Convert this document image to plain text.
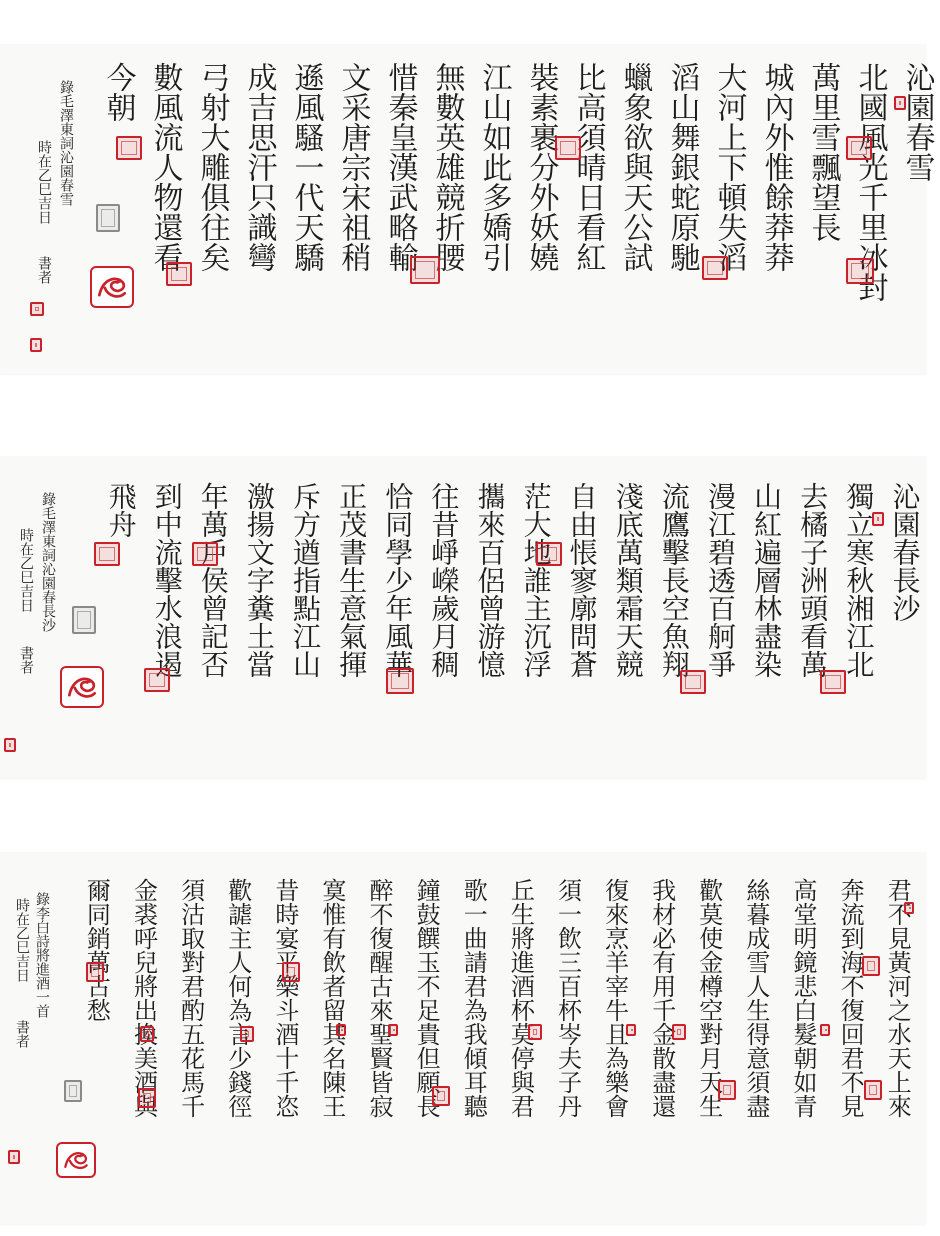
沁園春雪
北國風光千里冰封
萬里雪飄望長
城內外惟餘莽莽
大河上下頓失滔
滔山舞銀蛇原馳
蠟象欲與天公試
比高須晴日看紅
裝素裹分外妖嬈
江山如此多嬌引
無數英雄競折腰
惜秦皇漢武略輸
文采唐宗宋祖稍
遜風騷一代天驕
成吉思汗只識彎
弓射大雕俱往矣
數風流人物還看
今朝
錄毛澤東詞沁園春雪
時在乙巳吉日
書者
沁園春長沙
獨立寒秋湘江北
去橘子洲頭看萬
山紅遍層林盡染
漫江碧透百舸爭
流鷹擊長空魚翔
淺底萬類霜天競
自由悵寥廓問蒼
茫大地誰主沉浮
攜來百侶曾游憶
往昔崢嶸歲月稠
恰同學少年風華
正茂書生意氣揮
斥方遒指點江山
激揚文字糞土當
年萬戶侯曾記否
到中流擊水浪遏
飛舟
錄毛澤東詞沁園春長沙
時在乙巳吉日
書者
君不見黃河之水天上來
奔流到海不復回君不見
高堂明鏡悲白髮朝如青
絲暮成雪人生得意須盡
歡莫使金樽空對月天生
我材必有用千金散盡還
復來烹羊宰牛且為樂會
須一飲三百杯岑夫子丹
丘生將進酒杯莫停與君
歌一曲請君為我傾耳聽
鐘鼓饌玉不足貴但願長
醉不復醒古來聖賢皆寂
寞惟有飲者留其名陳王
昔時宴平樂斗酒十千恣
歡謔主人何為言少錢徑
須沽取對君酌五花馬千
金裘呼兒將出換美酒與
爾同銷萬古愁
錄李白詩將進酒一首
時在乙巳吉日
書者
